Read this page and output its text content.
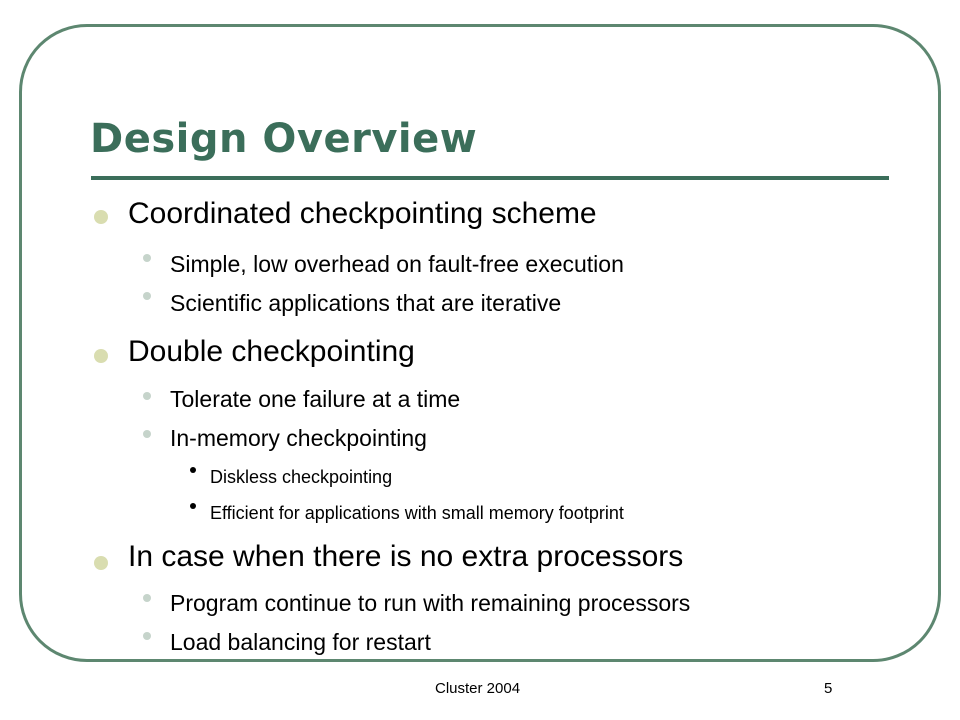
Design Overview
Coordinated checkpointing scheme
Simple, low overhead on fault-free execution
Scientific applications that are iterative
Double checkpointing
Tolerate one failure at a time
In-memory checkpointing
Diskless checkpointing
Efficient for applications with small memory footprint
In case when there is no extra processors
Program continue to run with remaining processors
Load balancing for restart
Cluster 2004	5
